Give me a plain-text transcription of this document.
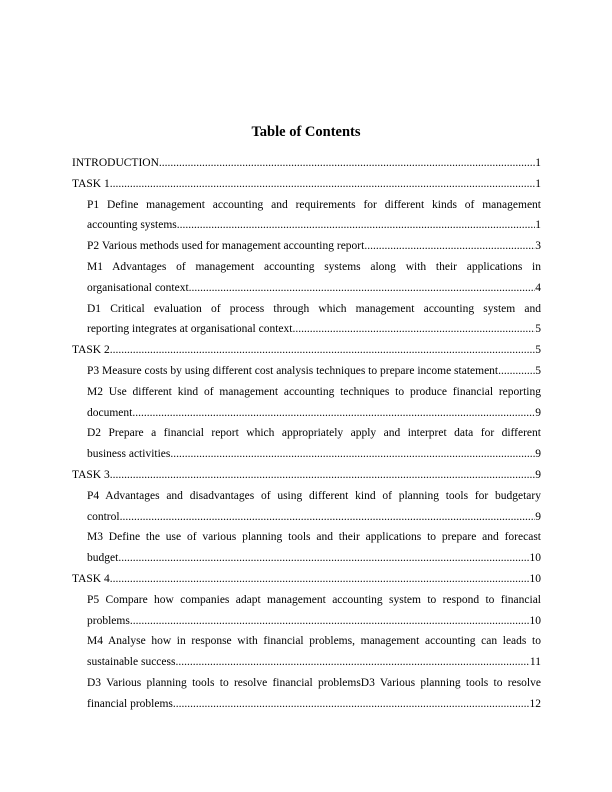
Table of Contents
INTRODUCTION .....	1
TASK 1 .....	1
P1 Define management accounting and requirements for different kinds of management
accounting systems .....	1
P2 Various methods used for management accounting report .....	3
M1 Advantages of management accounting systems along with their applications in
organisational context .....	4
D1 Critical evaluation of process through which management accounting system and
reporting integrates at organisational context .....	5
TASK 2 .....	5
P3 Measure costs by using different cost analysis techniques to prepare income statement .....	5
M2 Use different kind of management accounting techniques to produce financial reporting
document .....	9
D2 Prepare a financial report which appropriately apply and interpret data for different
business activities .....	9
TASK 3 .....	9
P4 Advantages and disadvantages of using different kind of planning tools for budgetary
control .....	9
M3 Define the use of various planning tools and their applications to prepare and forecast
budget .....	10
TASK 4 .....	10
P5 Compare how companies adapt management accounting system to respond to financial
problems .....	10
M4 Analyse how in response with financial problems, management accounting can leads to
sustainable success .....	11
D3 Various planning tools to resolve financial problemsD3 Various planning tools to resolve
financial problems .....	12
